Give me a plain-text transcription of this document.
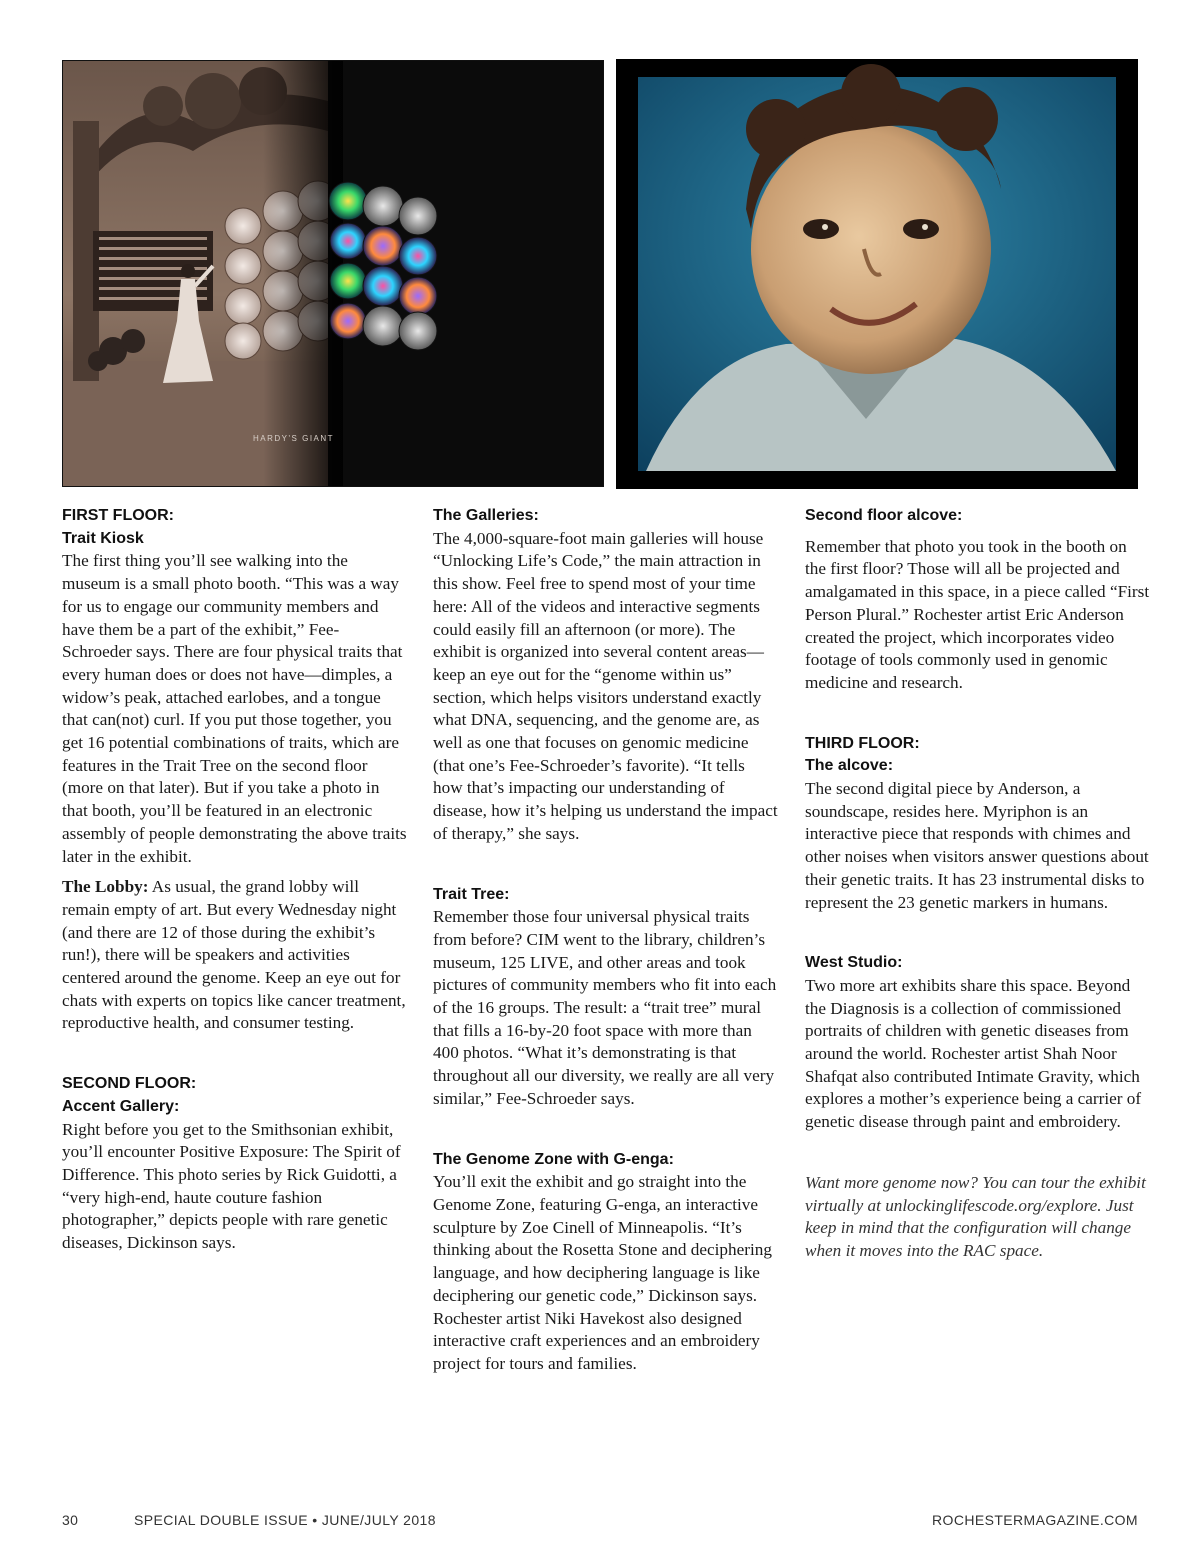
HARDY'S GIANT
FIRST FLOOR:
Trait Kiosk

The first thing you’ll see walking into the museum is a small photo booth. “This was a way for us to engage our community members and have them be a part of the exhibit,” Fee-Schroeder says. There are four physical traits that every human does or does not have—dimples, a widow’s peak, attached earlobes, and a tongue that can(not) curl. If you put those together, you get 16 potential combinations of traits, which are features in the Trait Tree on the second floor (more on that later). But if you take a photo in that booth, you’ll be featured in an electronic assembly of people demonstrating the above traits later in the exhibit.

The Lobby: As usual, the grand lobby will remain empty of art. But every Wednesday night (and there are 12 of those during the exhibit’s run!), there will be speakers and activities centered around the genome. Keep an eye out for chats with experts on topics like cancer treatment, reproductive health, and consumer testing.

SECOND FLOOR:
Accent Gallery:

Right before you get to the Smithsonian exhibit, you’ll encounter Positive Exposure: The Spirit of Difference. This photo series by Rick Guidotti, a “very high-end, haute couture fashion photographer,” depicts people with rare genetic diseases, Dickinson says.

The Galleries:

The 4,000-square-foot main galleries will house “Unlocking Life’s Code,” the main attraction in this show. Feel free to spend most of your time here: All of the videos and interactive segments could easily fill an afternoon (or more). The exhibit is organized into several content areas—keep an eye out for the “genome within us” section, which helps visitors understand exactly what DNA, sequencing, and the genome are, as well as one that focuses on genomic medicine (that one’s Fee-Schroeder’s favorite). “It tells how that’s impacting our understanding of disease, how it’s helping us understand the impact of therapy,” she says.

Trait Tree:

Remember those four universal physical traits from before? CIM went to the library, children’s museum, 125 LIVE, and other areas and took pictures of community members who fit into each of the 16 groups. The result: a “trait tree” mural that fills a 16-by-20 foot space with more than 400 photos. “What it’s demonstrating is that throughout all our diversity, we really are all very similar,” Fee-Schroeder says.

The Genome Zone with G-enga:

You’ll exit the exhibit and go straight into the Genome Zone, featuring G-enga, an interactive sculpture by Zoe Cinell of Minneapolis. “It’s thinking about the Rosetta Stone and deciphering language, and how deciphering language is like deciphering our genetic code,” Dickinson says. Rochester artist Niki Havekost also designed interactive craft experiences and an embroidery project for tours and families.

Second floor alcove:

Remember that photo you took in the booth on the first floor? Those will all be projected and amalgamated in this space, in a piece called “First Person Plural.” Rochester artist Eric Anderson created the project, which incorporates video footage of tools commonly used in genomic medicine and research.

THIRD FLOOR:
The alcove:

The second digital piece by Anderson, a soundscape, resides here. Myriphon is an interactive piece that responds with chimes and other noises when visitors answer questions about their genetic traits. It has 23 instrumental disks to represent the 23 genetic markers in humans.

West Studio:

Two more art exhibits share this space. Beyond the Diagnosis is a collection of commissioned portraits of children with genetic diseases from around the world. Rochester artist Shah Noor Shafqat also contributed Intimate Gravity, which explores a mother’s experience being a carrier of genetic disease through paint and embroidery.

Want more genome now? You can tour the exhibit virtually at unlockinglifescode.org/explore. Just keep in mind that the configuration will change when it moves into the RAC space.

30	SPECIAL DOUBLE ISSUE • JUNE/JULY 2018	ROCHESTERMAGAZINE.COM
